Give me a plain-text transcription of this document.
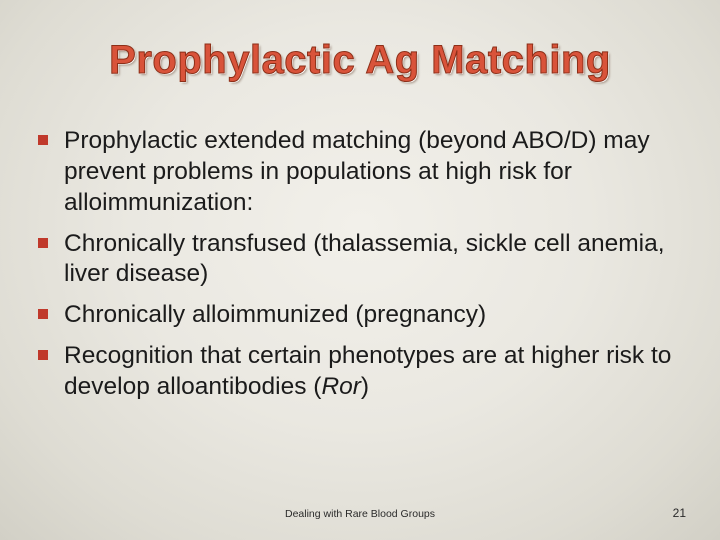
Prophylactic Ag Matching
Prophylactic extended matching (beyond ABO/D) may prevent problems in populations at high risk for alloimmunization:
Chronically transfused (thalassemia, sickle cell anemia, liver disease)
Chronically alloimmunized (pregnancy)
Recognition that certain phenotypes are at higher risk to develop alloantibodies (Ror)
Dealing with Rare Blood Groups	21
